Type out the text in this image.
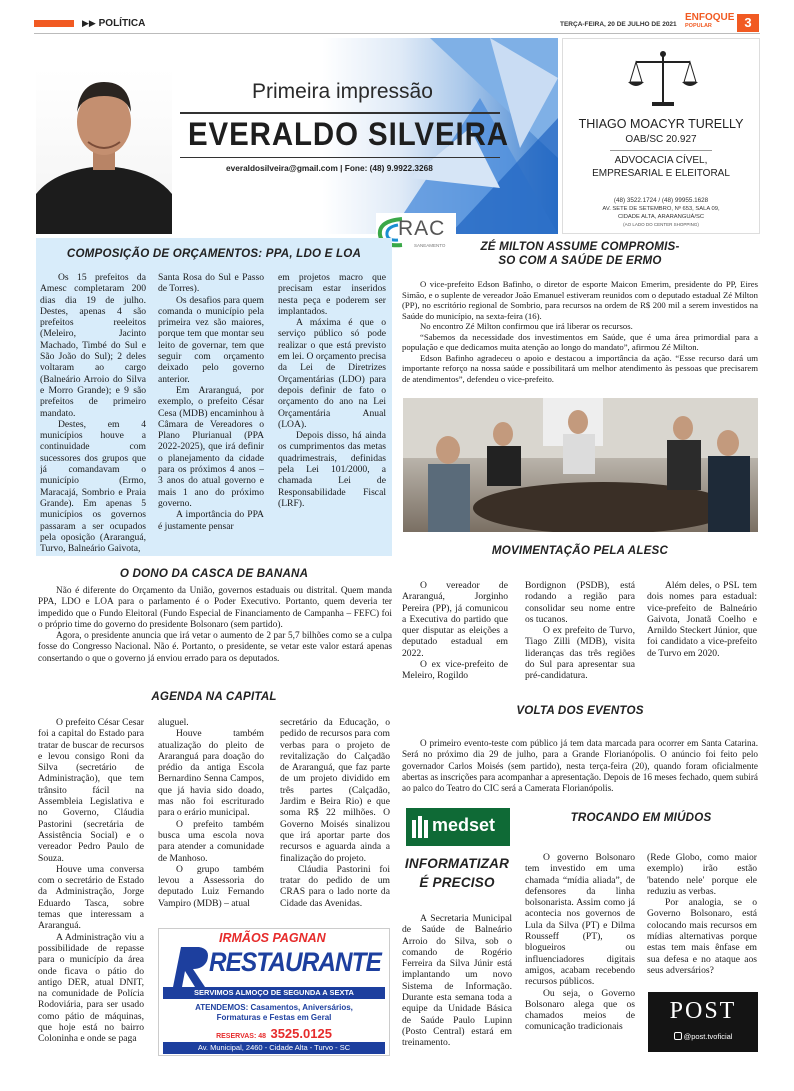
▶▶ POLÍTICA	TERÇA-FEIRA, 20 DE JULHO DE 2021
ENFOQUE
POPULAR	3
Primeira impressão
EVERALDO SILVEIRA
everaldosilveira@gmail.com | Fone: (48) 9.9922.3268
THIAGO MOACYR TURELLY
OAB/SC 20.927
ADVOCACIA CÍVEL,
EMPRESARIAL E ELEITORAL
(48) 3522.1724 / (48) 99955.1628
AV. SETE DE SETEMBRO, Nº 653, SALA 09,
CIDADE ALTA, ARARANGUÁ/SC
(AO LADO DO CENTER SHOPPING)
RAC
SANEAMENTO
COMPOSIÇÃO DE ORÇAMENTOS: PPA, LDO E LOA

Os 15 prefeitos da Amesc completaram 200 dias dia 19 de julho. Destes, apenas 4 são prefeitos reeleitos (Meleiro, Jacinto Machado, Timbé do Sul e São João do Sul); 2 deles voltaram ao cargo (Balneário Arroio do Silva e Morro Grande); e 9 são prefeitos de primeiro mandato.

Destes, em 4 municípios houve a continuidade com sucessores dos grupos que já comandavam o município (Ermo, Maracajá, Sombrio e Praia Grande). Em apenas 5 municípios os governos passaram a ser ocupados pela oposição (Araranguá, Turvo, Balneário Gaivota,

Santa Rosa do Sul e Passo de Torres).

Os desafios para quem comanda o município pela primeira vez são maiores, porque tem que montar seu leito de governar, tem que seguir com orçamento deixado pelo governo anterior.

Em Araranguá, por exemplo, o prefeito César Cesa (MDB) encaminhou à Câmara de Vereadores o Plano Plurianual (PPA 2022-2025), que irá definir o planejamento da cidade para os próximos 4 anos – 3 anos do atual governo e mais 1 ano do próximo governo.

A importância do PPA é justamente pensar

em projetos macro que precisam estar inseridos nesta peça e poderem ser implantados.

A máxima é que o serviço público só pode realizar o que está previsto em lei. O orçamento precisa da Lei de Diretrizes Orçamentárias (LDO) para depois definir de fato o orçamento do ano na Lei Orçamentária Anual (LOA).

Depois disso, há ainda os cumprimentos das metas quadrimestrais, definidas pela Lei 101/2000, a chamada Lei de Responsabilidade Fiscal (LRF).

ZÉ MILTON ASSUME COMPROMIS-
SO COM A SAÚDE DE ERMO

O vice-prefeito Edson Bafinho, o diretor de esporte Maicon Emerim, presidente do PP, Eires Simão, e o suplente de vereador João Emanuel estiveram reunidos com o deputado estadual Zé Milton (PP), no escritório regional de Sombrio, para recursos na ordem de R$ 200 mil a serem investidos na Saúde do município, na sexta-feira (16).

No encontro Zé Milton confirmou que irá liberar os recursos.

“Sabemos da necessidade dos investimentos em Saúde, que é uma área primordial para a população e que dedicamos muita atenção ao longo do mandato”, afirmou Zé Milton.

Edson Bafinho agradeceu o apoio e destacou a importância da ação. “Esse recurso dará um importante reforço na nossa saúde e possibilitará um melhor atendimento às pessoas que precisarem de atendimentos”, defendeu o vice-prefeito.

O DONO DA CASCA DE BANANA

Não é diferente do Orçamento da União, governos estaduais ou distrital. Quem manda PPA, LDO e LOA para o parlamento é o Poder Executivo. Portanto, quem deveria ter impedido que o Fundo Eleitoral (Fundo Especial de Financiamento de Campanha – FEFC) foi o próprio time do governo do presidente Bolsonaro (sem partido).

Agora, o presidente anuncia que irá vetar o aumento de 2 par 5,7 bilhões como se a culpa fosse do Congresso Nacional. Não é. Portanto, o presidente, se vetar este valor estará apenas consertando o que o governo já enviou errado para os deputados.

MOVIMENTAÇÃO PELA ALESC

O vereador de Araranguá, Jorginho Pereira (PP), já comunicou a Executiva do partido que quer disputar as eleições a deputado estadual em 2022.

O ex vice-prefeito de Meleiro, Rogildo

Bordignon (PSDB), está rodando a região para consolidar seu nome entre os tucanos.

O ex prefeito de Turvo, Tiago Zilli (MDB), visita lideranças das três regiões do Sul para apresentar sua pré-candidatura.

Além deles, o PSL tem dois nomes para estadual: vice-prefeito de Balneário Gaivota, Jonatã Coelho e Arnildo Steckert Júnior, que foi candidato a vice-prefeito de Turvo em 2020.

AGENDA NA CAPITAL

O prefeito César Cesar foi a capital do Estado para tratar de buscar de recursos e levou consigo Roni da Silva (secretário de Administração), que tem trânsito fácil na Assembleia Legislativa e no Governo, Cláudia Pastorini (secretária de Assistência Social) e o vereador Pedro Paulo de Souza.

Houve uma conversa com o secretário de Estado da Administração, Jorge Eduardo Tasca, sobre temas que interessam a Araranguá.

A Administração viu a possibilidade de repasse para o município da área onde ficava o pátio do antigo DER, atual DNIT, na comunidade de Polícia Rodoviária, para ser usado como pátio de máquinas, que hoje está no bairro Coloninha e onde se paga

aluguel.

Houve também atualização do pleito de Araranguá para doação do prédio da antiga Escola Bernardino Senna Campos, que já havia sido doado, mas não foi escriturado para o erário municipal.

O prefeito também busca uma escola nova para atender a comunidade de Manhoso.

O grupo também levou a Assessoria do deputado Luiz Fernando Vampiro (MDB) – atual

secretário da Educação, o pedido de recursos para com verbas para o projeto de revitalização do Calçadão de Araranguá, que faz parte de um projeto dividido em três partes (Calçadão, Jardim e Beira Rio) e que soma R$ 22 milhões. O Governo Moisés sinalizou que irá aportar parte dos recursos e aguarda ainda a finalização do projeto.

Cláudia Pastorini foi tratar do pedido de um CRAS para o lado norte da Cidade das Avenidas.

IRMÃOS PAGNAN
RESTAURANTE
SERVIMOS ALMOÇO DE SEGUNDA A SEXTA
ATENDEMOS: Casamentos, Aniversários,
Formaturas e Festas em Geral
RESERVAS: 48 3525.0125
Av. Municipal, 2460 - Cidade Alta - Turvo - SC
VOLTA DOS EVENTOS

O primeiro evento-teste com público já tem data marcada para ocorrer em Santa Catarina. Será no próximo dia 29 de julho, para a Grande Florianópolis. O anúncio foi feito pelo governador Carlos Moisés (sem partido), nesta terça-feira (20), quando foram oficialmente abertas as inscrições para acompanhar a apresentação. Depois de 16 meses fechado, quem subirá ao palco do Teatro do CIC será a Camerata Florianópolis.

medset
INFORMATIZAR
É PRECISO

A Secretaria Municipal de Saúde de Balneário Arroio do Silva, sob o comando de Rogério Ferreira da Silva Júnir está implantando um novo Sistema de Informação. Durante esta semana toda a equipe da Unidade Básica de Saúde Paulo Lupinn (Posto Central) estará em treinamento.

TROCANDO EM MIÚDOS

O governo Bolsonaro tem investido em uma chamada “mídia aliada”, de defensores da linha bolsonarista. Assim como já aconteciа nos governos de Lula da Silva (PT) e Dilma Rousseff (PT), os blogueiros ou influenciadores digitais amigos, acabam recebendo recursos públicos.

Ou seja, o Governo Bolsonaro alega que os chamados meios de comunicação tradicionais

(Rede Globo, como maior exemplo) irão estão 'batendo nele' porque ele reduziu as verbas.

Por analogia, se o Governo Bolsonaro, está colocando mais recursos em mídias alternativas porque estas tem mais ênfase em sua defesa e no ataque aos seus adversários?

POST
@post.tvoficial
